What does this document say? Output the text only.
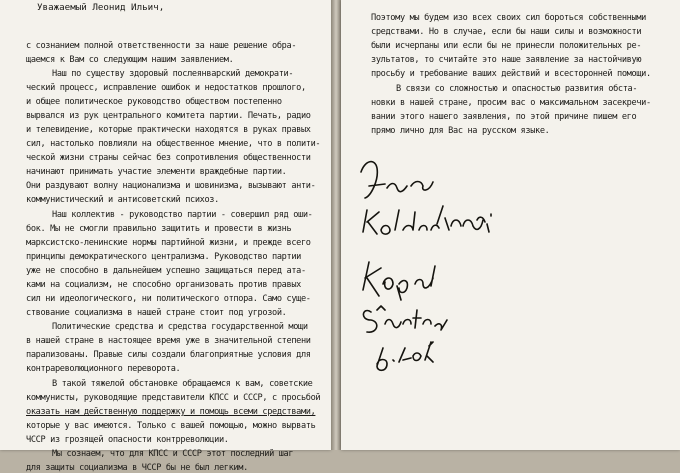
Уважаемый Леонид Ильич,
с сознанием полной ответственности за наше решение обра-
щаемся к Вам со следующим нашим заявлением.
Наш по существу здоровый послеянварский демократи-
ческий процесс, исправление ошибок и недостатков прошлого,
и общее политическое руководство обществом постепенно
вырвался из рук центрального комитета партии. Печать, радио
и телевидение, которые практически находятся в руках правых
сил, настолько повлияли на общественное мнение, что в полити-
ческой жизни страны сейчас без сопротивления общественности
начинают принимать участие элементи враждебные партии.
Они раздувают волну национализма и шовинизма, вызывают анти-
коммунистический и антисоветский психоз.
Наш коллектив - руководство партии - совершил ряд оши-
бок. Мы не смогли правильно защитить и провести в жизнь
марксистско-ленинские нормы партийной жизни, и прежде всего
принципы демократического централизма. Руководство партии
уже не способно в дальнейшем успешно защищаться перед ата-
ками на социализм, не способно организовать против правых
сил ни идеологического, ни политического отпора. Само суще-
ствование социализма в нашей стране стоит под угрозой.
Политические средства и средства государственной мощи
в нашей стране в настоящее время уже в значительной степени
парализованы. Правые силы создали благоприятные условия для
контрареволюционного переворота.
В такой тяжелой обстановке обращаемся к вам, советские
коммунисты, руководящие представители КПСС и СССР, с просьбой
оказать нам действенную поддержку и помощь всеми средствами,
которые у вас имеются. Только с вашей помощью, можно вырвать
ЧССР из грозящей опасности контрреволюции.
Мы сознаем, что для КПСС и СССР этот последний шаг
для защиты социализма в ЧССР бы не был легким.
Поэтому мы будем изо всех своих сил бороться собственными
средствами. Но в случае, если бы наши силы и возможности
были исчерпаны или если бы не принесли положительных ре-
зультатов, то считайте это наше заявление за настойчивую
просьбу и требование ваших действий и всесторонней помощи.
В связи со сложностью и опасностью развития обста-
новки в нашей стране, просим вас о максимальном засекречи-
вании этого нашего заявления, по этой причине пишем его
прямо лично для Вас на русском языке.
